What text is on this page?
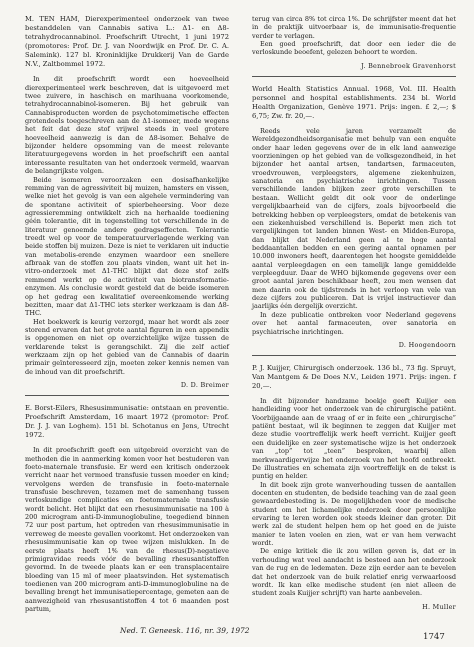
M. TEN HAM, Dierexperimenteel onderzoek van twee bestanddelen van Cannabis sativa L.: Δ1- en Δ8-tetrahydrocannabinol. Proefschrift Utrecht, 1 juni 1972 (promotores: Prof. Dr. J. van Noordwijk en Prof. Dr. C. A. Salemink). 127 bl. Kroninklijke Drukkerij Van de Garde N.V., Zaltbommel 1972.

In dit proefschrift wordt een hoeveelheid dierexperimenteel werk beschreven, dat is uitgevoerd met twee zuivere, in haschisch en marihuana voorkomende, tetrahydrocannabinol-isomeren. Bij het gebruik van Cannabisproducten worden de psychotomimetische effecten grotendeels toegeschreven aan de Δ1-isomeer, mede wegens het feit dat deze stof vrijwel steeds in veel grotere hoeveelheid aanwezig is dan de Δ8-isomer. Behalve de bijzonder heldere opsomming van de meest relevante literatuurgegevens worden in het proefschrift een aantal interessante resultaten van het onderzoek vermeld, waarvan de belangrijkste volgen.

Beide isomeren veroorzaken een dosisafhankelijke remming van de agressiviteit bij muizen, hamsters en vissen, welke niet het gevolg is van een algehele vermindering van de spontane activiteit of spierbeheersing. Voor deze agressieremming ontwikkelt zich na herhaalde toediening géén tolerantie, dit in tegenstelling tot verschillende in de literatuur genoemde andere gedragseffecten. Tolerantie treedt wel op voor de temperatuurverlagende werking van beide stoffen bij muizen. Deze is niet te verklaren uit inductie van metabolis-erende enzymen waardoor een snellere afbraak van de stoffen zou plaats vinden, want uit het in-vitro-onderzoek met Δ1-THC blijkt dat deze stof zelfs remmend werkt op de activiteit van biotransformatie-enzymen. Als conclusie wordt gesteld dat de beide isomeren op het gedrag een kwalitatief overeenkomende werking bezitten, maar dat Δ1-THC iets sterker werkzaam is dan Δ8-THC.

Het boekwerk is keurig verzorgd, maar het wordt als zeer storend ervaren dat het grote aantal figuren in een appendix is opgenomen en niet op overzichtelijke wijze tussen de verklarende tekst is gerangschikt. Zij die zelf actief werkzaam zijn op het gebied van de Cannabis of daarin primair geïnteresseerd zijn, moeten zeker kennis nemen van de inhoud van dit proefschrift.

D. D. Breimer

E. Borst-Eilers, Rhesusimmunisatie: ontstaan en preventie. Proefschrift Amsterdam, 16 maart 1972 (promotor: Prof. Dr. J. J. van Loghem). 151 bl. Schotanus en Jens, Utrecht 1972.

In dit proefschrift geeft een uitgebreid overzicht van de methoden die in aanmerking komen voor het bestuderen van foeto-maternale transfusie. Er werd een kritisch onderzoek verricht naar het vermoed transfusie tussen moeder en kind; vervolgens werden de transfusie in foeto-maternale transfusie beschreven, tezamen met de samenhang tussen verloskundige complicaties en foetomaternale transfusie wordt belicht. Het blijkt dat een rhesusimmunisatie na 100 à 200 microgram anti-D-immunoglobuline, toegediend binnen 72 uur post partum, het optreden van rhesusimmunisatie in verreweg de meeste gevallen voorkomt. Het onderzoeken van rhesusimmunisatie kan op twee wijzen mislukken. In de eerste plaats heeft 1% van de rhesus(D)-negatieve primigravidae reeds vóór de bevalling rhesusantistoffen gevormd. In de tweede plaats kan er een transplacentaire bloeding van 15 ml of meer plaatsvinden. Het systematisch toedienen van 200 microgram anti-D-immunoglobuline na de bevalling brengt het immunisatiepercentage, gemeten aan de aanwezigheid van rhesusantistoffen 4 tot 6 maanden post partum,

terug van circa 8% tot circa 1%. De schrijfster meent dat het in de praktijk uitvoerbaar is, de immunisatie-frequentie verder te verlagen.

Een goed proefschrift, dat door een ieder die de verloskunde beoefent, gelezen behoort te worden.

J. Bennebroek Gravenhorst

World Health Statistics Annual. 1968, Vol. III. Health personnel and hospital establishments. 234 bl. World Health Organization, Genève 1971. Prijs: ingen. £ 2,—; $ 6,75; Zw. fr. 20,—.

Reeds vele jaren verzamelt de Wereldgezondheidsorganisatie met behulp van een enquête onder haar leden gegevens over de in elk land aanwezige voorzieningen op het gebied van de volksgezondheid, in het bijzonder het aantal artsen, tandartsen, farmaceuten, vroedvrouwen, verpleegsters, algemene ziekenhuizen, sanatoria en psychiatrische inrichtingen. Tussen verschillende landen blijken zeer grote verschillen te bestaan. Wellicht geldt dit ook voor de onderlinge vergelijkbaarheid van de cijfers, zoals bijvoorbeeld die betrekking hebben op verpleegsters, omdat de betekenis van een ziekenhuisbed verschillend is. Beperkt men zich tot vergelijkingen tot landen binnen West- en Midden-Europa, dan blijkt dat Nederland geen al te hoge aantal beddaantallen bedden en een gering aantal opnamen per 10.000 inwoners heeft, daarentegen het hoogste gemiddelde aantal verpleegdagen en een tamelijk lange gemiddelde verpleegduur. Daar de WHO bijkomende gegevens over een groot aantal jaren beschikbaar heeft, zou men wensen dat men daarin ook de tijdstrends in het verloop van vele van deze cijfers zou publiceren. Dat is vrijel instructiever dan jaarlijks één dergelijk overzicht.

In deze publicatie ontbreken voor Nederland gegevens over het aantal farmaceuten, over sanatoria en psychiatrische inrichtingen.

D. Hoogendoorn

P. J. Kuijjer, Chirurgisch onderzoek. 136 bl., 73 fig. Spruyt, Van Mantgem & De Does N.V., Leiden 1971. Prijs: ingen. f 20,—.

In dit bijzonder handzame boekje geeft Kuijjer een handleiding voor het onderzoek van de chirurgische patiënt. Voorbijgaande aan de vraag of er in feite een „chirurgische” patiënt bestaat, wil ik beginnen te zeggen dat Kuijjer met deze studie voortreffelijk werk heeft verricht. Kuijjer geeft een duidelijke en zeer systematische wijze is het onderzoek van „top” tot „teen” besproken, waarbij allen merkwaardigerwijze het onderzoek van het hoofd ontbreekt. De illustraties en schemata zijn voortreffelijk en de tekst is puntig en helder.

In dit boek zijn grote wanverhouding tussen de aantallen docenten en studenten, de bedside teaching van de zaal geen gewaardebesteding is. De mogelijkheden voor de medische student om het lichamelijke onderzoek door persoonlijke ervaring te leren worden ook steeds kleiner dan groter. Dit werk zal de student helpen hem op het goed en de juiste manier te laten voelen en zien, wat er van hem verwacht wordt.

De enige kritiek die ik zou willen geven is, dat er in verhouding wat veel aandacht is besteed aan het onderzoek van de rug en de ledematen. Deze zijn eerder aan te bevelen dat het onderzoek van de buik relatief enrig verwaarloosd wordt. Ik kan elke medische student (en niet alleen de student zoals Kuijjer schrijft) van harte aanbevelen.

H. Muller

Ned. T. Geneesk. 116, nr. 39, 1972
1747
